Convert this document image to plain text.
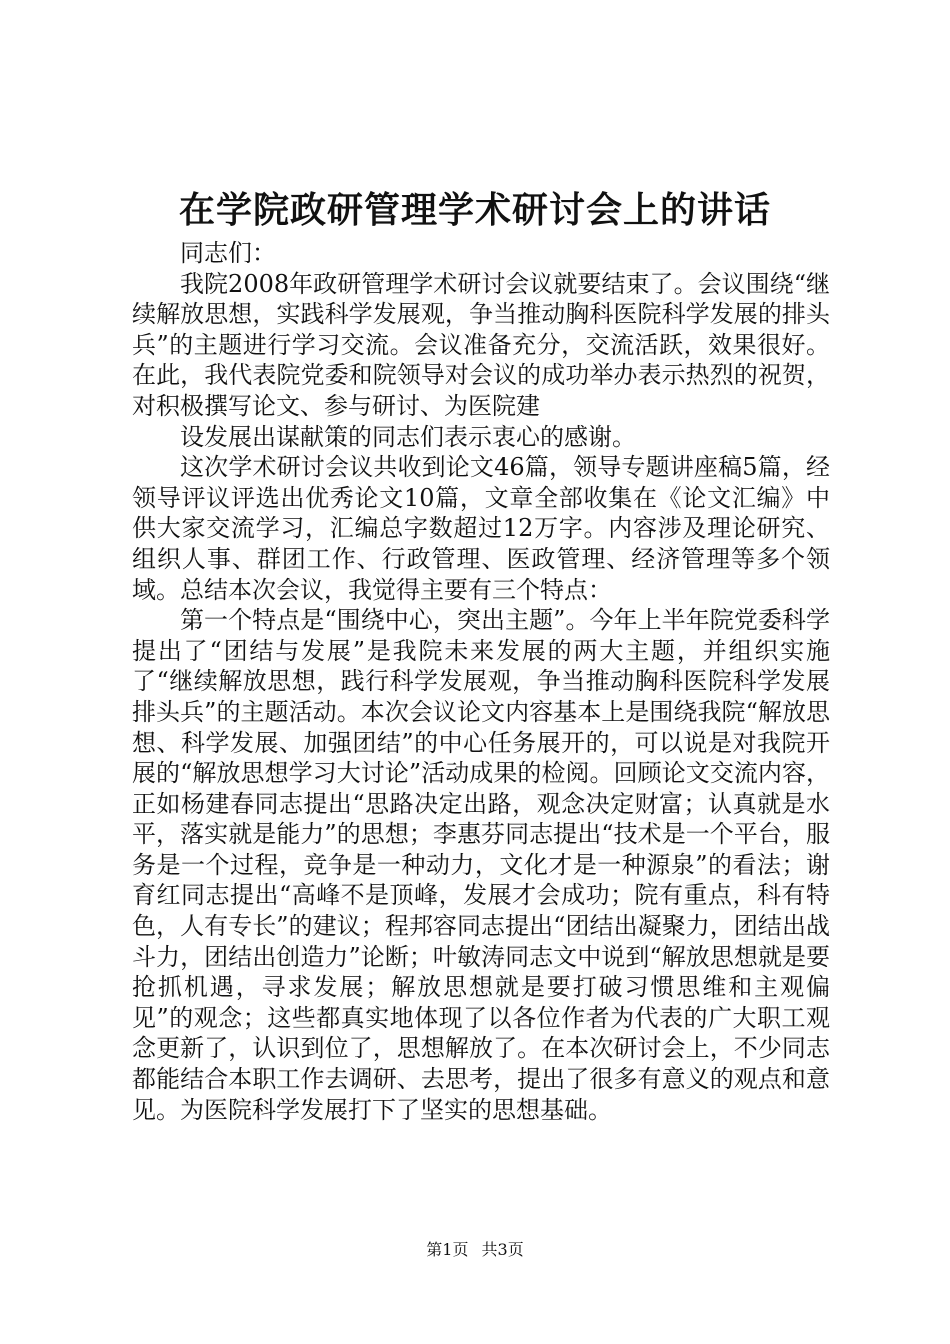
在学院政研管理学术研讨会上的讲话

同志们：

我院2008年政研管理学术研讨会议就要结束了。会议围绕“继续解放思想，实践科学发展观，争当推动胸科医院科学发展的排头兵”的主题进行学习交流。会议准备充分，交流活跃，效果很好。在此，我代表院党委和院领导对会议的成功举办表示热烈的祝贺，对积极撰写论文、参与研讨、为医院建

设发展出谋献策的同志们表示衷心的感谢。

这次学术研讨会议共收到论文46篇，领导专题讲座稿5篇，经领导评议评选出优秀论文10篇，文章全部收集在《论文汇编》中供大家交流学习，汇编总字数超过12万字。内容涉及理论研究、组织人事、群团工作、行政管理、医政管理、经济管理等多个领域。总结本次会议，我觉得主要有三个特点：

第一个特点是“围绕中心，突出主题”。今年上半年院党委科学提出了“团结与发展”是我院未来发展的两大主题，并组织实施了“继续解放思想，践行科学发展观，争当推动胸科医院科学发展排头兵”的主题活动。本次会议论文内容基本上是围绕我院“解放思想、科学发展、加强团结”的中心任务展开的，可以说是对我院开展的“解放思想学习大讨论”活动成果的检阅。回顾论文交流内容，正如杨建春同志提出“思路决定出路，观念决定财富；认真就是水平，落实就是能力”的思想；李惠芬同志提出“技术是一个平台，服务是一个过程，竞争是一种动力，文化才是一种源泉”的看法；谢育红同志提出“高峰不是顶峰，发展才会成功；院有重点，科有特色，人有专长”的建议；程邦容同志提出“团结出凝聚力，团结出战斗力，团结出创造力”论断；叶敏涛同志文中说到“解放思想就是要抢抓机遇，寻求发展；解放思想就是要打破习惯思维和主观偏见”的观念；这些都真实地体现了以各位作者为代表的广大职工观念更新了，认识到位了，思想解放了。在本次研讨会上，不少同志都能结合本职工作去调研、去思考，提出了很多有意义的观点和意见。为医院科学发展打下了坚实的思想基础。

第1页 共3页
